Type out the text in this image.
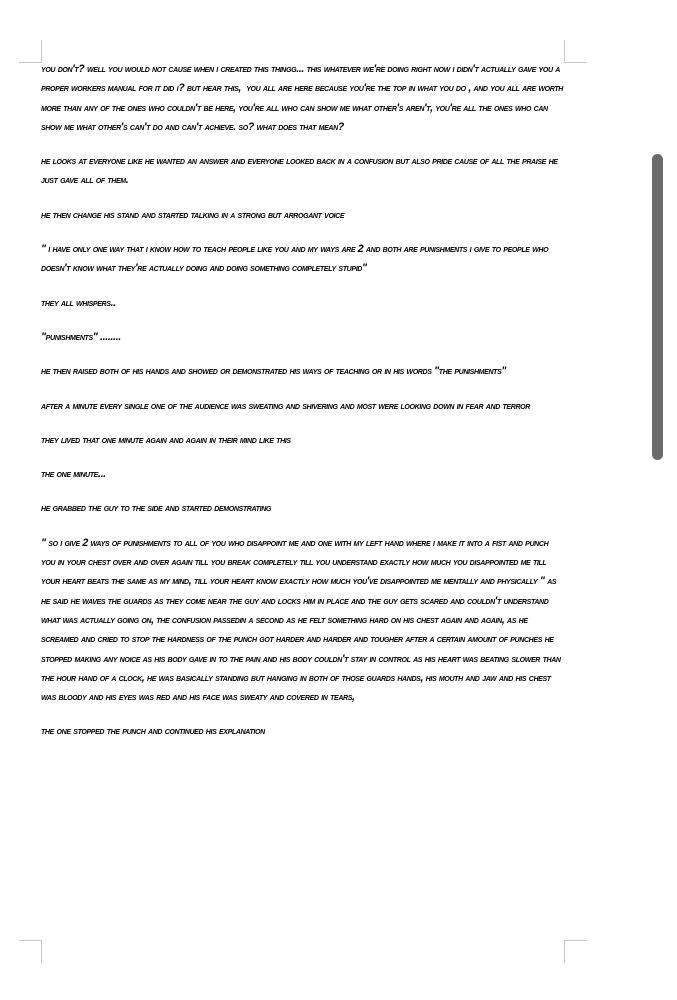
you don't? well you would not cause when i created this thingg... this whatever we're doing right now i didn't actually gave you a proper workers manual for it did i? but hear this,  you all are here because you're the top in what you do , and you all are worth more than any of the ones who couldn't be here, you're all who can show me what other's aren't, you're all the ones who can show me what other's can't do and can't achieve. so? what does that mean?

he looks at everyone like he wanted an answer and everyone looked back in a confusion but also pride cause of all the praise he just gave all of them.

he then change his stand and started talking in a strong but arrogant voice

" i have only one way that i know how to teach people like you and my ways are 2 and both are punishments i give to people who doesn't know what they're actually doing and doing something completely stupid"

they all whispers..

"punishments" ........

he then raised both of his hands and showed or demonstrated his ways of teaching or in his words "the punishments"

after a minute every single one of the audience was sweating and shivering and most were looking down in fear and terror

they lived that one minute again and again in their mind like this

the one minute...

he grabbed the guy to the side and started demonstrating

" so i give 2 ways of punishments to all of you who disappoint me and one with my left hand where i make it into a fist and punch you in your chest over and over again till you break completely till you understand exactly how much you disappointed me till your heart beats the same as my mind, till your heart know exactly how much you've disappointed me mentally and physically " as he said he waves the guards as they come near the guy and locks him in place and the guy gets scared and couldn't understand what was actually going on, the confusion passedin a second as he felt something hard on his chest again and again, as he screamed and cried to stop the hardness of the punch got harder and harder and tougher after a certain amount of punches he stopped making any noice as his body gave in to the pain and his body couldn't stay in control as his heart was beating slower than the hour hand of a clock, he was basically standing but hanging in both of those guards hands, his mouth and jaw and his chest was bloody and his eyes was red and his face was sweaty and covered in tears,

the one stopped the punch and continued his explanation
